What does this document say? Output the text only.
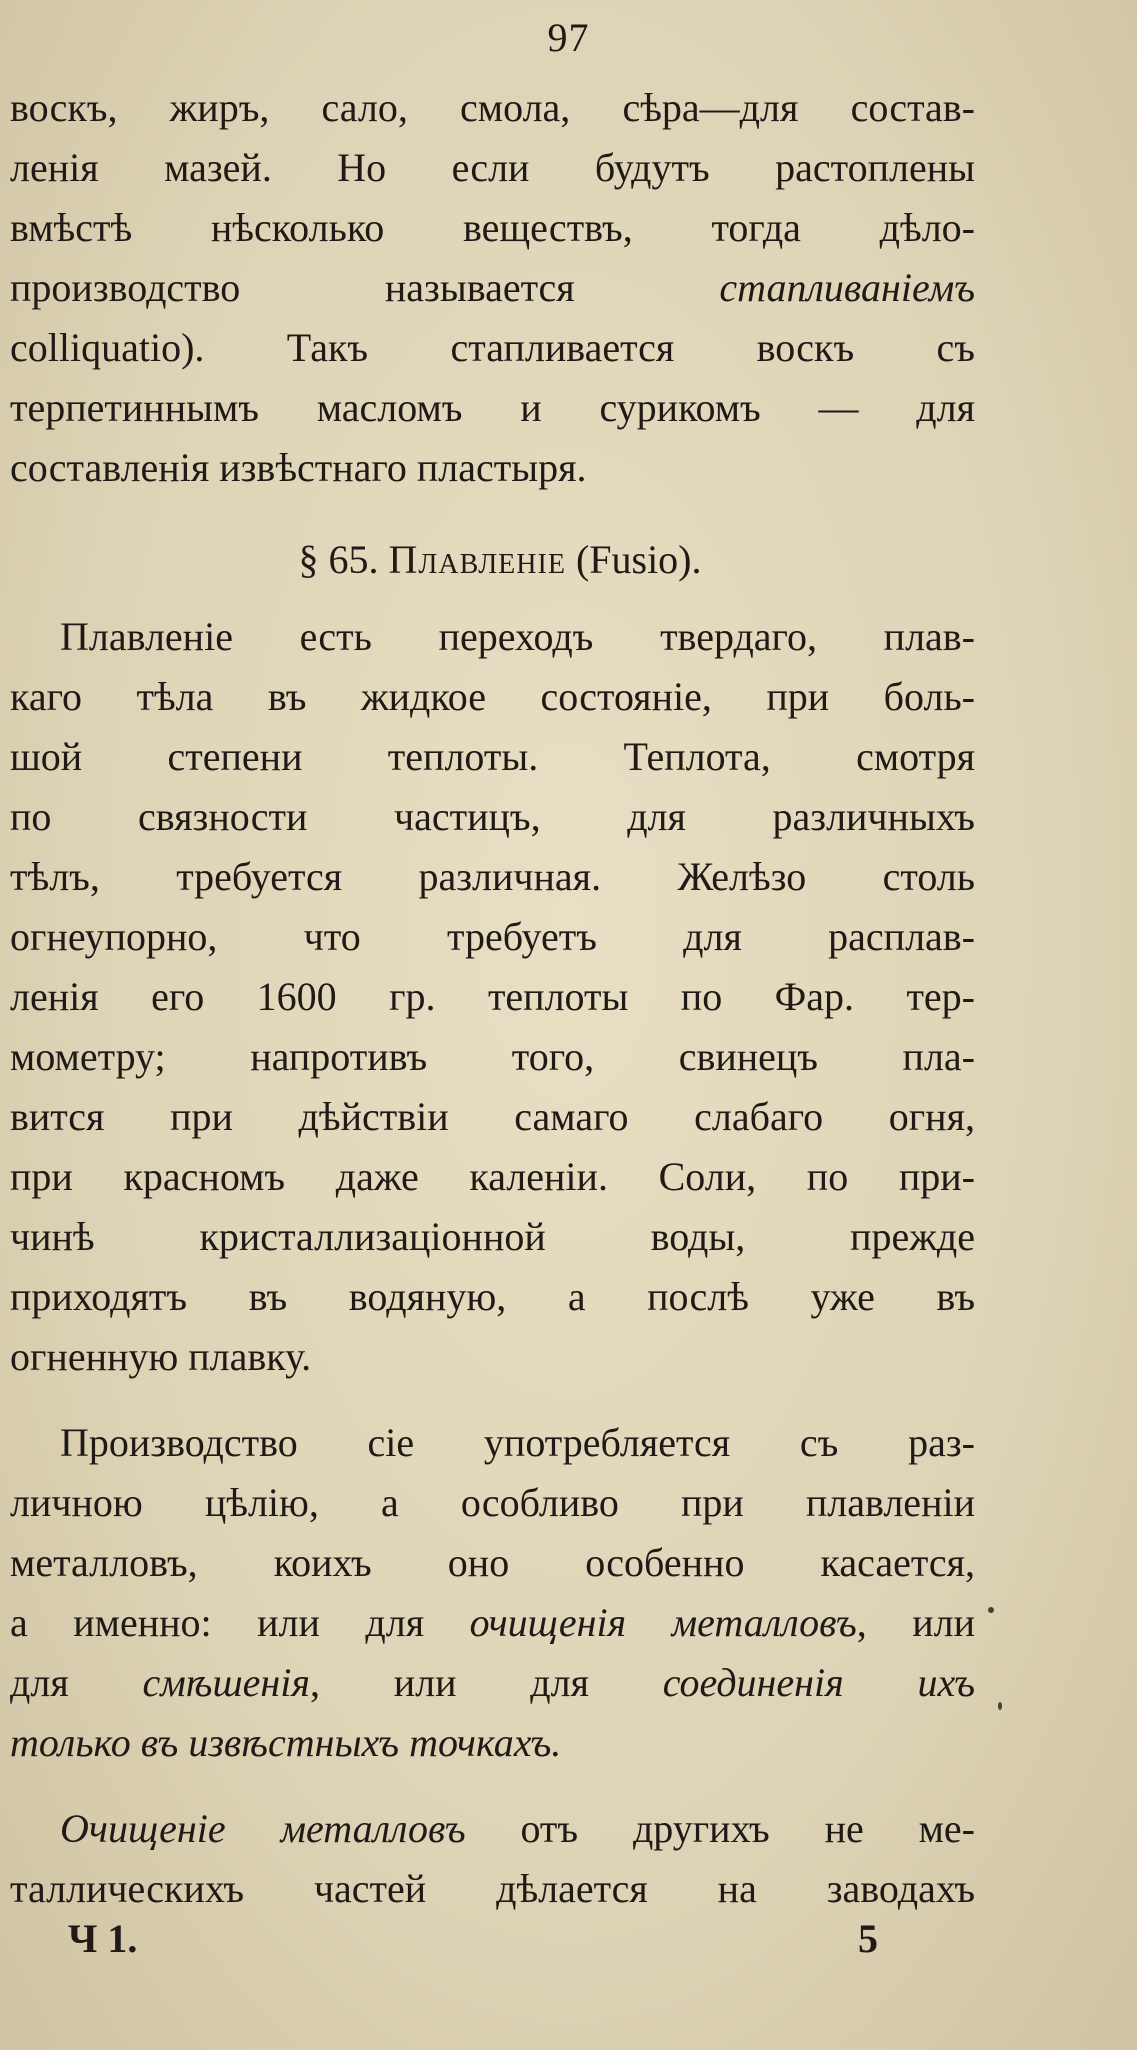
97
воскъ, жиръ, сало, смола, сѣра—для состав-
ленія мазей. Но если будутъ растоплены
вмѣстѣ нѣсколько веществъ, тогда дѣло-
производство называется стапливаніемъ
colliquatio). Такъ стапливается воскъ съ
терпетиннымъ масломъ и сурикомъ — для
составленія извѣстнаго пластыря.
§ 65. Плавленіе (Fusio).
Плавленіе есть переходъ твердаго, плав-
каго тѣла въ жидкое состояніе, при боль-
шой степени теплоты. Теплота, смотря
по связности частицъ, для различныхъ
тѣлъ, требуется различная. Желѣзо столь
огнеупорно, что требуетъ для расплав-
ленія его 1600 гр. теплоты по Фар. тер-
мометру; напротивъ того, свинецъ пла-
вится при дѣйствіи самаго слабаго огня,
при красномъ даже каленіи. Соли, по при-
чинѣ кристаллизаціонной воды, прежде
приходятъ въ водяную, а послѣ уже въ
огненную плавку.
Производство сіе употребляется съ раз-
личною цѣлію, а особливо при плавленіи
металловъ, коихъ оно особенно касается,
а именно: или для очищенія металловъ, или
для смѣшенія, или для соединенія ихъ
только въ извѣстныхъ точкахъ.
Очищеніе металловъ отъ другихъ не ме-
таллическихъ частей дѣлается на заводахъ
Ч 1.	5
